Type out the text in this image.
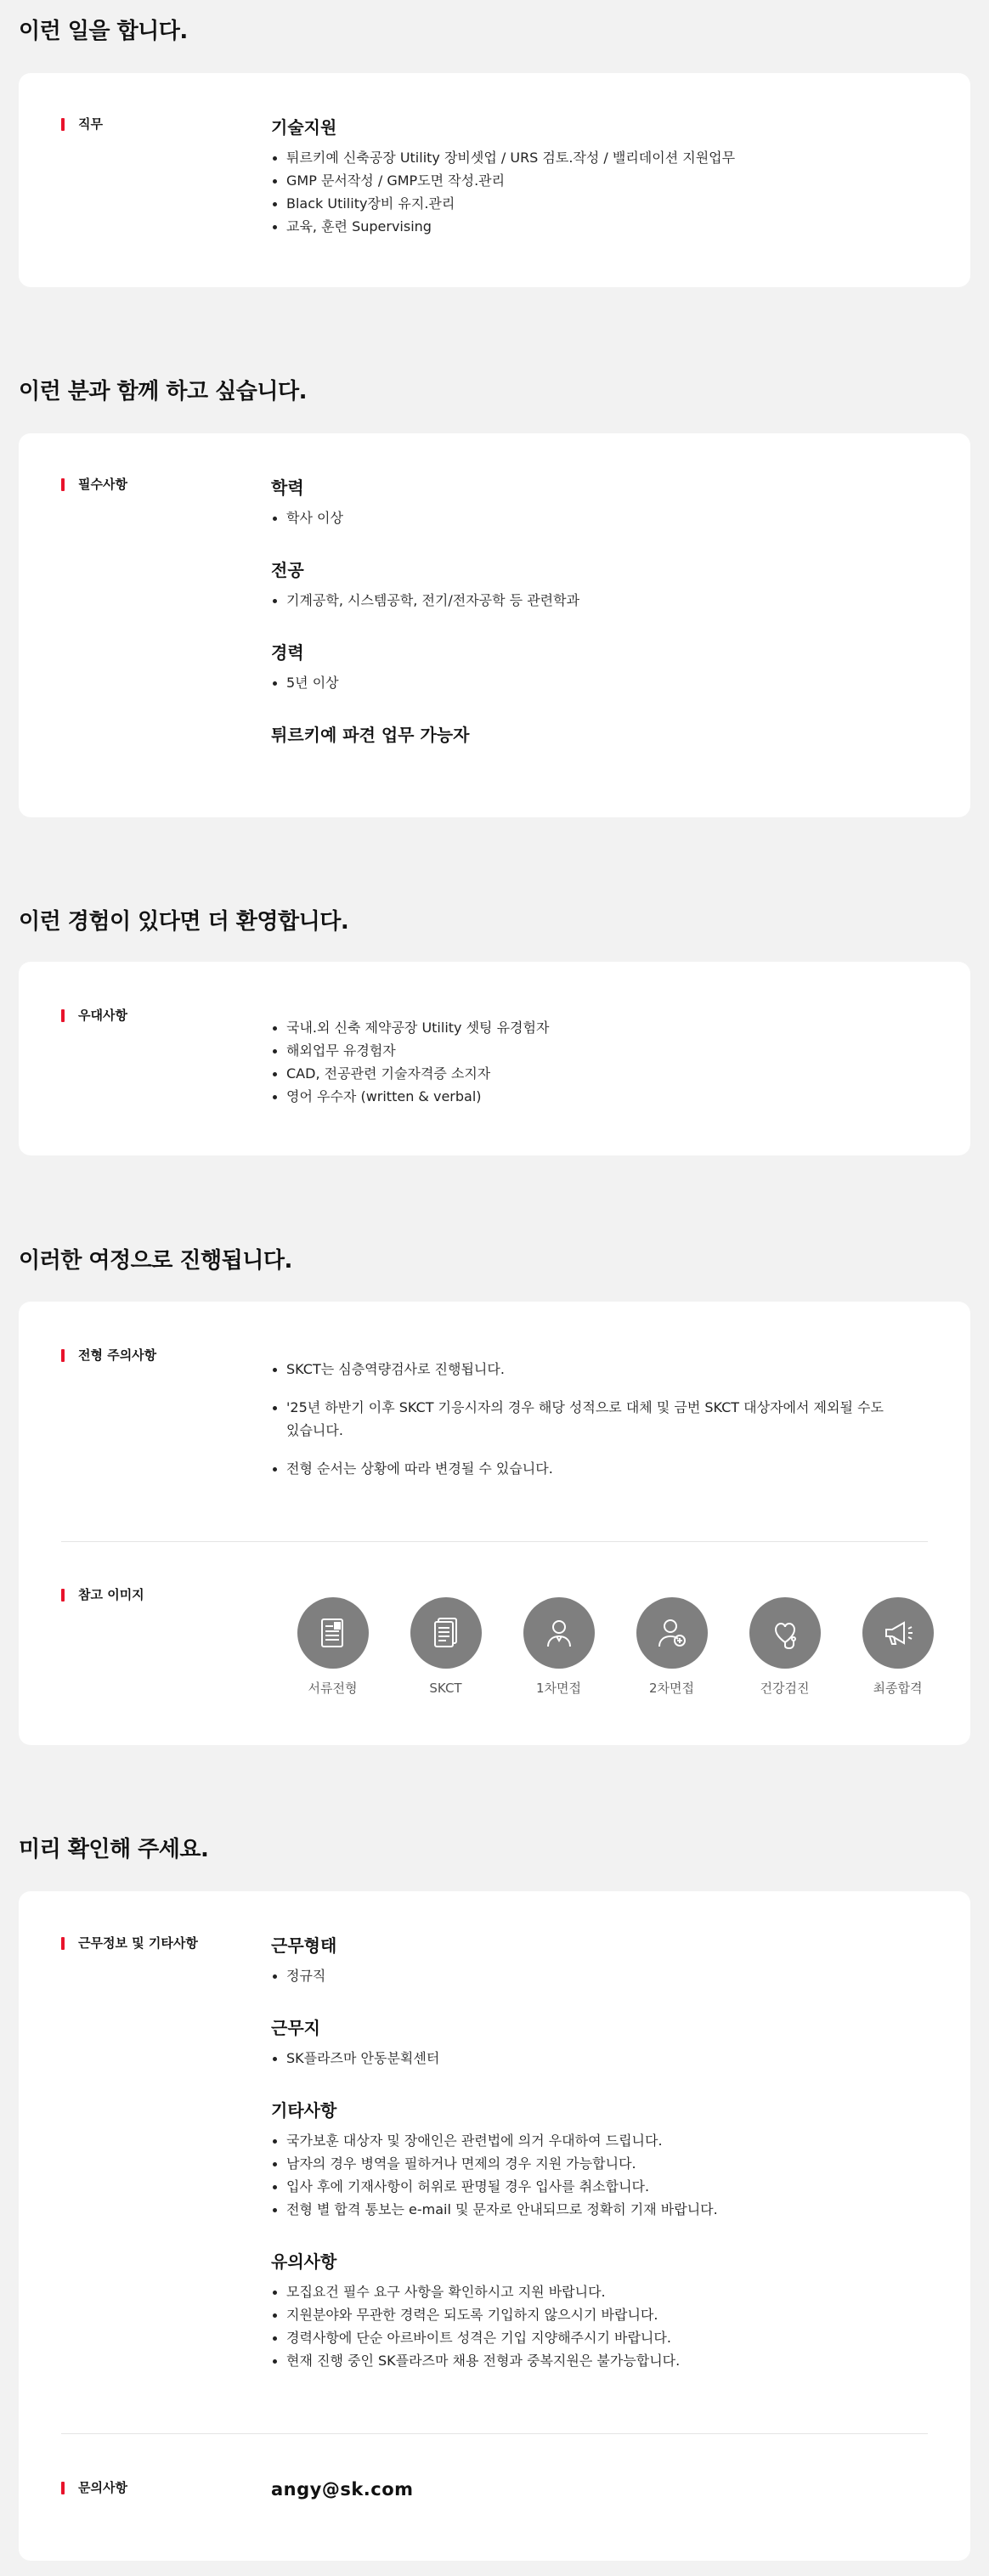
이런 일을 합니다.
직무	기술지원
튀르키예 신축공장 Utility 장비셋업 / URS 검토.작성 / 밸리데이션 지원업무
GMP 문서작성 / GMP도면 작성.관리
Black Utility장비 유지.관리
교육, 훈련 Supervising
이런 분과 함께 하고 싶습니다.
필수사항	학력
학사 이상
전공
기계공학, 시스템공학, 전기/전자공학 등 관련학과
경력
5년 이상
튀르키예 파견 업무 가능자
이런 경험이 있다면 더 환영합니다.
우대사항
국내.외 신축 제약공장 Utility 셋팅 유경험자
해외업무 유경험자
CAD, 전공관련 기술자격증 소지자
영어 우수자 (written & verbal)
이러한 여정으로 진행됩니다.
전형 주의사항
SKCT는 심층역량검사로 진행됩니다.
'25년 하반기 이후 SKCT 기응시자의 경우 해당 성적으로 대체 및 금번 SKCT 대상자에서 제외될 수도 있습니다.
전형 순서는 상황에 따라 변경될 수 있습니다.
참고 이미지
서류전형	SKCT	1차면접	2차면접	건강검진	최종합격
미리 확인해 주세요.
근무정보 및 기타사항	근무형태
정규직
근무지
SK플라즈마 안동분획센터
기타사항
국가보훈 대상자 및 장애인은 관련법에 의거 우대하여 드립니다.
남자의 경우 병역을 필하거나 면제의 경우 지원 가능합니다.
입사 후에 기재사항이 허위로 판명될 경우 입사를 취소합니다.
전형 별 합격 통보는 e-mail 및 문자로 안내되므로 정확히 기재 바랍니다.
유의사항
모집요건 필수 요구 사항을 확인하시고 지원 바랍니다.
지원분야와 무관한 경력은 되도록 기입하지 않으시기 바랍니다.
경력사항에 단순 아르바이트 성격은 기입 지양해주시기 바랍니다.
현재 진행 중인 SK플라즈마 채용 전형과 중복지원은 불가능합니다.
문의사항	angy@sk.com
